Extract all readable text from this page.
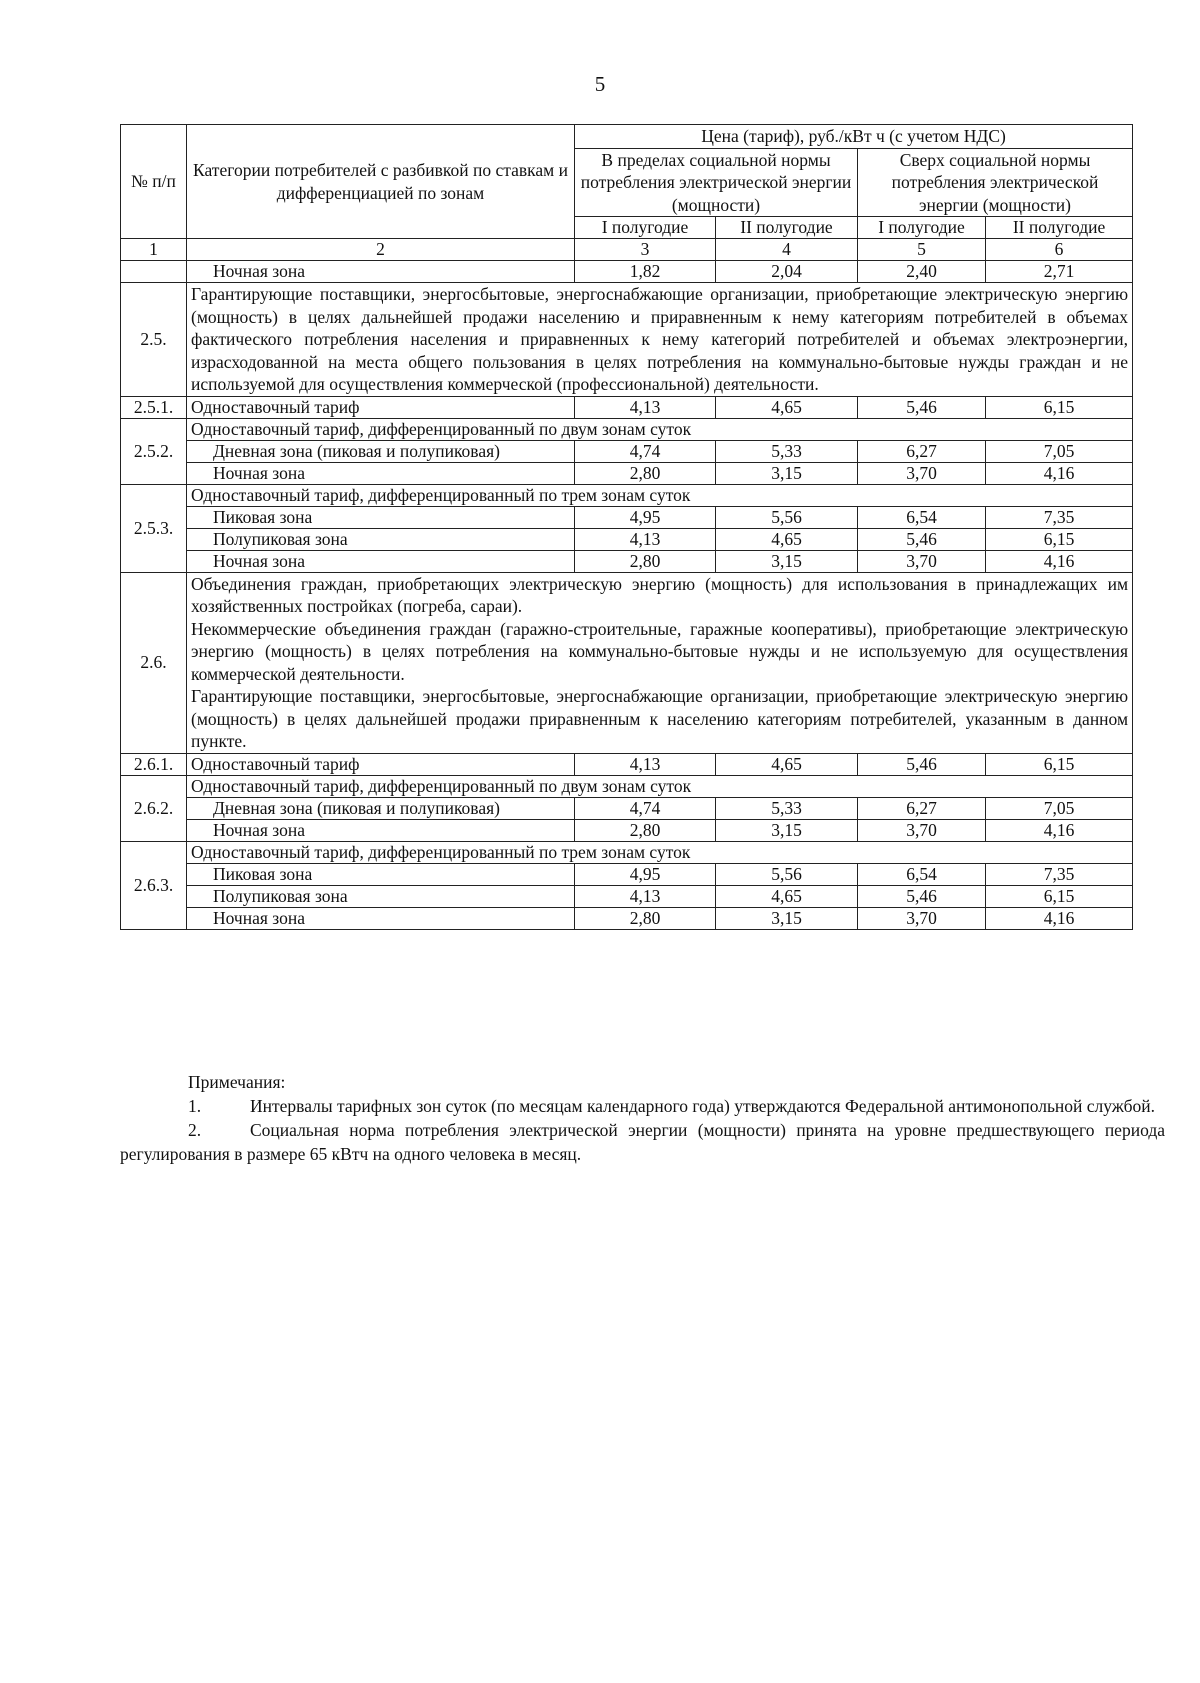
5
№ п/п	Категории потребителей с разбивкой по ставкам и дифференциацией по зонам	Цена (тариф), руб./кВт ч (с учетом НДС)			
		В пределах социальной нормы потребления электрической энергии (мощности)		Сверх социальной нормы потребления электрической энергии (мощности)	
		I полугодие	II полугодие	I полугодие	II полугодие
1	2	3	4	5	6
	Ночная зона	1,82	2,04	2,40	2,71
2.5.	Гарантирующие поставщики, энергосбытовые, энергоснабжающие организации, приобретающие электрическую энергию (мощность) в целях дальнейшей продажи населению и приравненным к нему категориям потребителей в объемах фактического потребления населения и приравненных к нему категорий потребителей и объемах электроэнергии, израсходованной на места общего пользования в целях потребления на коммунально-бытовые нужды граждан и не используемой для осуществления коммерческой (профессиональной) деятельности.				
2.5.1.	Одноставочный тариф	4,13	4,65	5,46	6,15
2.5.2.	Одноставочный тариф, дифференцированный по двум зонам суток				
	Дневная зона (пиковая и полупиковая)	4,74	5,33	6,27	7,05
	Ночная зона	2,80	3,15	3,70	4,16
2.5.3.	Одноставочный тариф, дифференцированный по трем зонам суток				
	Пиковая зона	4,95	5,56	6,54	7,35
	Полупиковая зона	4,13	4,65	5,46	6,15
	Ночная зона	2,80	3,15	3,70	4,16
2.6.	Объединения граждан, приобретающих электрическую энергию (мощность) для использования в принадлежащих им хозяйственных постройках (погреба, сараи).

Некоммерческие объединения граждан (гаражно-строительные, гаражные кооперативы), приобретающие электрическую энергию (мощность) в целях потребления на коммунально-бытовые нужды и не используемую для осуществления коммерческой деятельности.

Гарантирующие поставщики, энергосбытовые, энергоснабжающие организации, приобретающие электрическую энергию (мощность) в целях дальнейшей продажи приравненным к населению категориям потребителей, указанным в данном пункте.				

2.6.1.	Одноставочный тариф	4,13	4,65	5,46	6,15
2.6.2.	Одноставочный тариф, дифференцированный по двум зонам суток				
	Дневная зона (пиковая и полупиковая)	4,74	5,33	6,27	7,05
	Ночная зона	2,80	3,15	3,70	4,16
2.6.3.	Одноставочный тариф, дифференцированный по трем зонам суток				
	Пиковая зона	4,95	5,56	6,54	7,35
	Полупиковая зона	4,13	4,65	5,46	6,15
	Ночная зона	2,80	3,15	3,70	4,16
Примечания:

1.	Интервалы тарифных зон суток (по месяцам календарного года) утверждаются Федеральной антимонопольной службой.

2.	Социальная норма потребления электрической энергии (мощности) принята на уровне предшествующего периода регулирования в размере 65 кВтч на одного человека в месяц.
